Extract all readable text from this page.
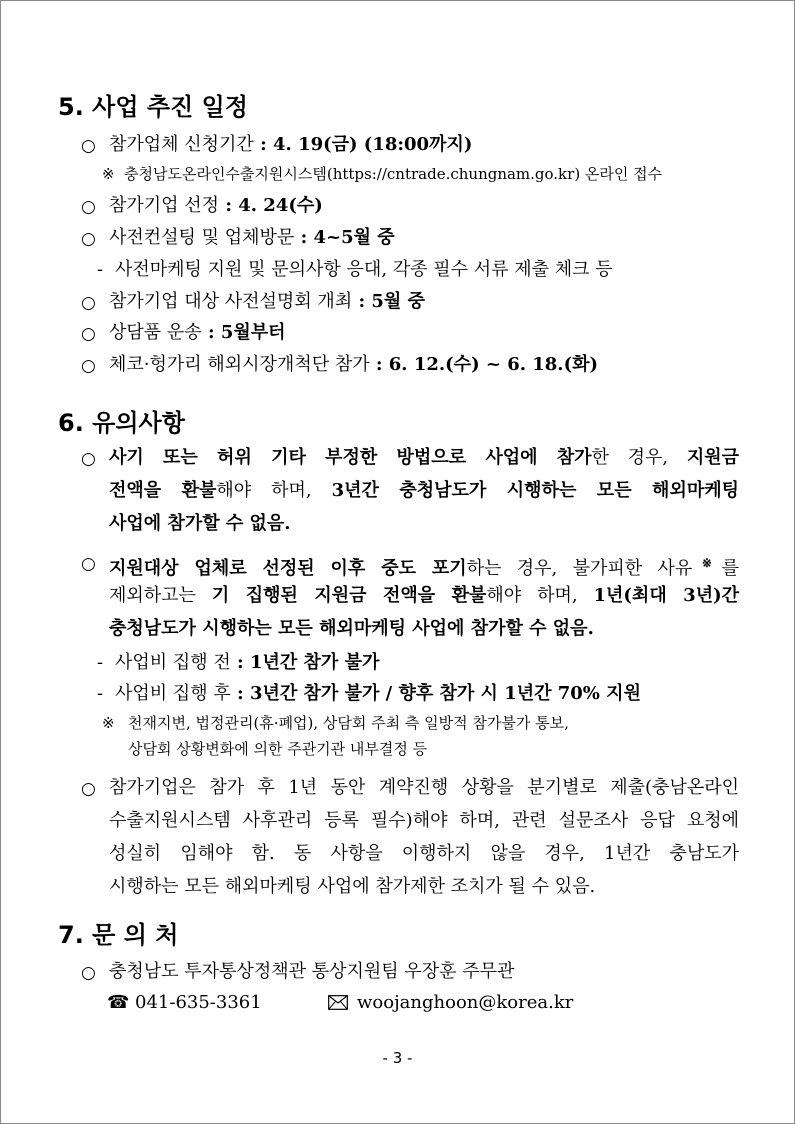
5. 사업 추진 일정
○ 참가업체 신청기간 : 4. 19(금) (18:00까지)
※ 충청남도온라인수출지원시스템(https://cntrade.chungnam.go.kr) 온라인 접수
○ 참가기업 선정 : 4. 24(수)
○ 사전컨설팅 및 업체방문 : 4~5월 중
- 사전마케팅 지원 및 문의사항 응대, 각종 필수 서류 제출 체크 등
○ 참가기업 대상 사전설명회 개최 : 5월 중
○ 상담품 운송 : 5월부터
○ 체코·헝가리 해외시장개척단 참가 : 6. 12.(수) ~ 6. 18.(화)
6. 유의사항
○ 사기 또는 허위 기타 부정한 방법으로 사업에 참가한 경우, 지원금
전액을 환불해야 하며, 3년간 충청남도가 시행하는 모든 해외마케팅
사업에 참가할 수 없음.
○ 지원대상 업체로 선정된 이후 중도 포기하는 경우, 불가피한 사유※를
제외하고는 기 집행된 지원금 전액을 환불해야 하며, 1년(최대 3년)간
충청남도가 시행하는 모든 해외마케팅 사업에 참가할 수 없음.
- 사업비 집행 전 : 1년간 참가 불가
- 사업비 집행 후 : 3년간 참가 불가 / 향후 참가 시 1년간 70% 지원
※ 천재지변, 법정관리(휴·폐업), 상담회 주최 측 일방적 참가불가 통보,
상담회 상황변화에 의한 주관기관 내부결정 등
○ 참가기업은 참가 후 1년 동안 계약진행 상황을 분기별로 제출(충남온라인
수출지원시스템 사후관리 등록 필수)해야 하며, 관련 설문조사 응답 요청에
성실히 임해야 함. 동 사항을 이행하지 않을 경우, 1년간 충남도가
시행하는 모든 해외마케팅 사업에 참가제한 조치가 될 수 있음.
7. 문 의 처
○ 충청남도 투자통상정책관 통상지원팀 우장훈 주무관
☎ 041-635-3361	woojanghoon@korea.kr
- 3 -
